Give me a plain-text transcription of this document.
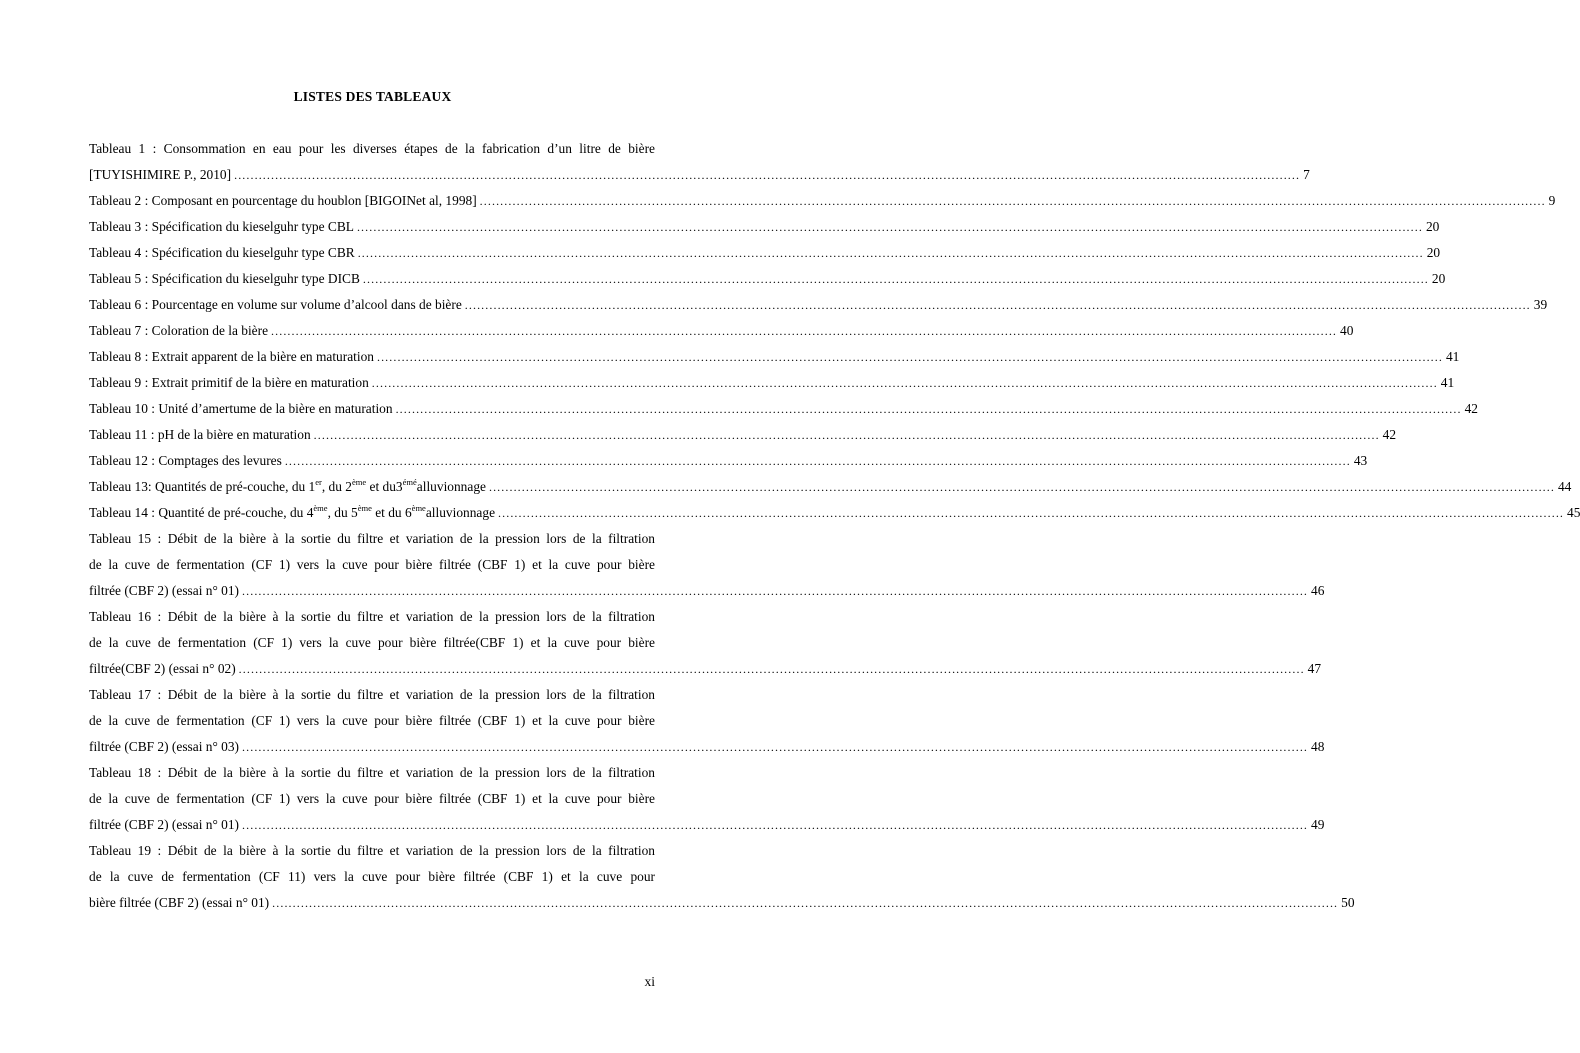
LISTES DES TABLEAUX
Tableau 1 : Consommation en eau pour les diverses étapes de la fabrication d’un litre de bière
[TUYISHIMIRE P., 2010] .................................................................................................................................................................................................................................................................... 7
Tableau 2 : Composant en pourcentage du houblon [BIGOINet al, 1998] .................................................................................................................................................................................................................................................................... 9
Tableau 3 : Spécification du kieselguhr type CBL .................................................................................................................................................................................................................................................................... 20
Tableau 4 : Spécification du kieselguhr type CBR .................................................................................................................................................................................................................................................................... 20
Tableau 5 : Spécification du kieselguhr type DICB .................................................................................................................................................................................................................................................................... 20
Tableau 6 : Pourcentage en volume sur volume d’alcool dans de bière .................................................................................................................................................................................................................................................................... 39
Tableau 7 : Coloration de la bière .................................................................................................................................................................................................................................................................... 40
Tableau 8 : Extrait apparent de la bière en maturation .................................................................................................................................................................................................................................................................... 41
Tableau 9 : Extrait primitif de la bière en maturation .................................................................................................................................................................................................................................................................... 41
Tableau 10 : Unité d’amertume de la bière en maturation .................................................................................................................................................................................................................................................................... 42
Tableau 11 : pH de la bière en maturation .................................................................................................................................................................................................................................................................... 42
Tableau 12 : Comptages des levures .................................................................................................................................................................................................................................................................... 43
Tableau 13: Quantités de pré-couche, du 1er, du 2ème et $du3^{émé}alluvionnage$ .................................................................................................................................................................................................................................................................... 44
Tableau 14 : Quantité de pré-couche, du 4ème, du 5ème et du 6èmealluvionnage .................................................................................................................................................................................................................................................................... 45
Tableau 15 : Débit de la bière à la sortie du filtre et variation de la pression lors de la filtration
de la cuve de fermentation (CF 1) vers la cuve pour bière filtrée (CBF 1) et la cuve pour bière
filtrée (CBF 2) (essai n° 01) .................................................................................................................................................................................................................................................................... 46
Tableau 16 : Débit de la bière à la sortie du filtre et variation de la pression lors de la filtration
de la cuve de fermentation (CF 1) vers la cuve pour bière filtrée(CBF 1) et la cuve pour bière
filtrée(CBF 2) (essai n° 02) .................................................................................................................................................................................................................................................................... 47
Tableau 17 : Débit de la bière à la sortie du filtre et variation de la pression lors de la filtration
de la cuve de fermentation (CF 1) vers la cuve pour bière filtrée (CBF 1) et la cuve pour bière
filtrée (CBF 2) (essai n° 03) .................................................................................................................................................................................................................................................................... 48
Tableau 18 : Débit de la bière à la sortie du filtre et variation de la pression lors de la filtration
de la cuve de fermentation (CF 1) vers la cuve pour bière filtrée (CBF 1) et la cuve pour bière
filtrée (CBF 2) (essai n° 01) .................................................................................................................................................................................................................................................................... 49
Tableau 19 : Débit de la bière à la sortie du filtre et variation de la pression lors de la filtration
de la cuve de fermentation (CF 11) vers la cuve pour bière filtrée (CBF 1) et la cuve pour
bière filtrée (CBF 2) (essai n° 01) .................................................................................................................................................................................................................................................................... 50
xi
